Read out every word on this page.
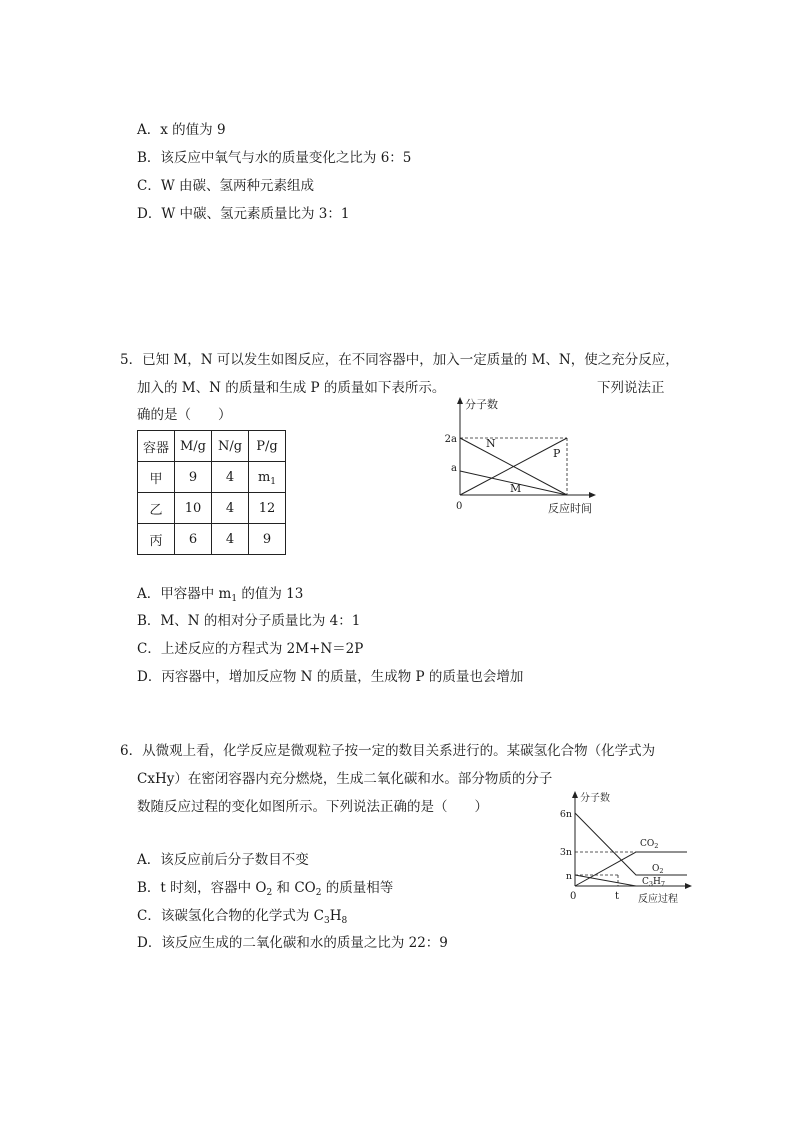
A．x 的值为 9
B．该反应中氧气与水的质量变化之比为 6：5
C．W 由碳、氢两种元素组成
D．W 中碳、氢元素质量比为 3：1
5．已知 M，N 可以发生如图反应，在不同容器中，加入一定质量的 M、N，使之充分反应，
加入的 M、N 的质量和生成 P 的质量如下表所示。	下列说法正
确的是（　　）
容器	M/g	N/g	P/g
甲	9	4	$m_1$
乙	10	4	12
丙	6	4	9
分子数
2a
a
0	反应时间
N
P
M
A．甲容器中 $m_1$ 的值为 13
B．M、N 的相对分子质量比为 4：1
C．上述反应的方程式为 2M+N＝2P
D．丙容器中，增加反应物 N 的质量，生成物 P 的质量也会增加
6．从微观上看，化学反应是微观粒子按一定的数目关系进行的。某碳氢化合物（化学式为
CxHy）在密闭容器内充分燃烧，生成二氧化碳和水。部分物质的分子
数随反应过程的变化如图所示。下列说法正确的是（　　）
分子数
6n
3n
n
0	t 反应过程
$CO_2$
$O_2$
$C_3H_7$
A．该反应前后分子数目不变
B．t 时刻，容器中 $O_2$ 和 $CO_2$ 的质量相等
C．该碳氢化合物的化学式为 $C_3H_8$
D．该反应生成的二氧化碳和水的质量之比为 22：9
